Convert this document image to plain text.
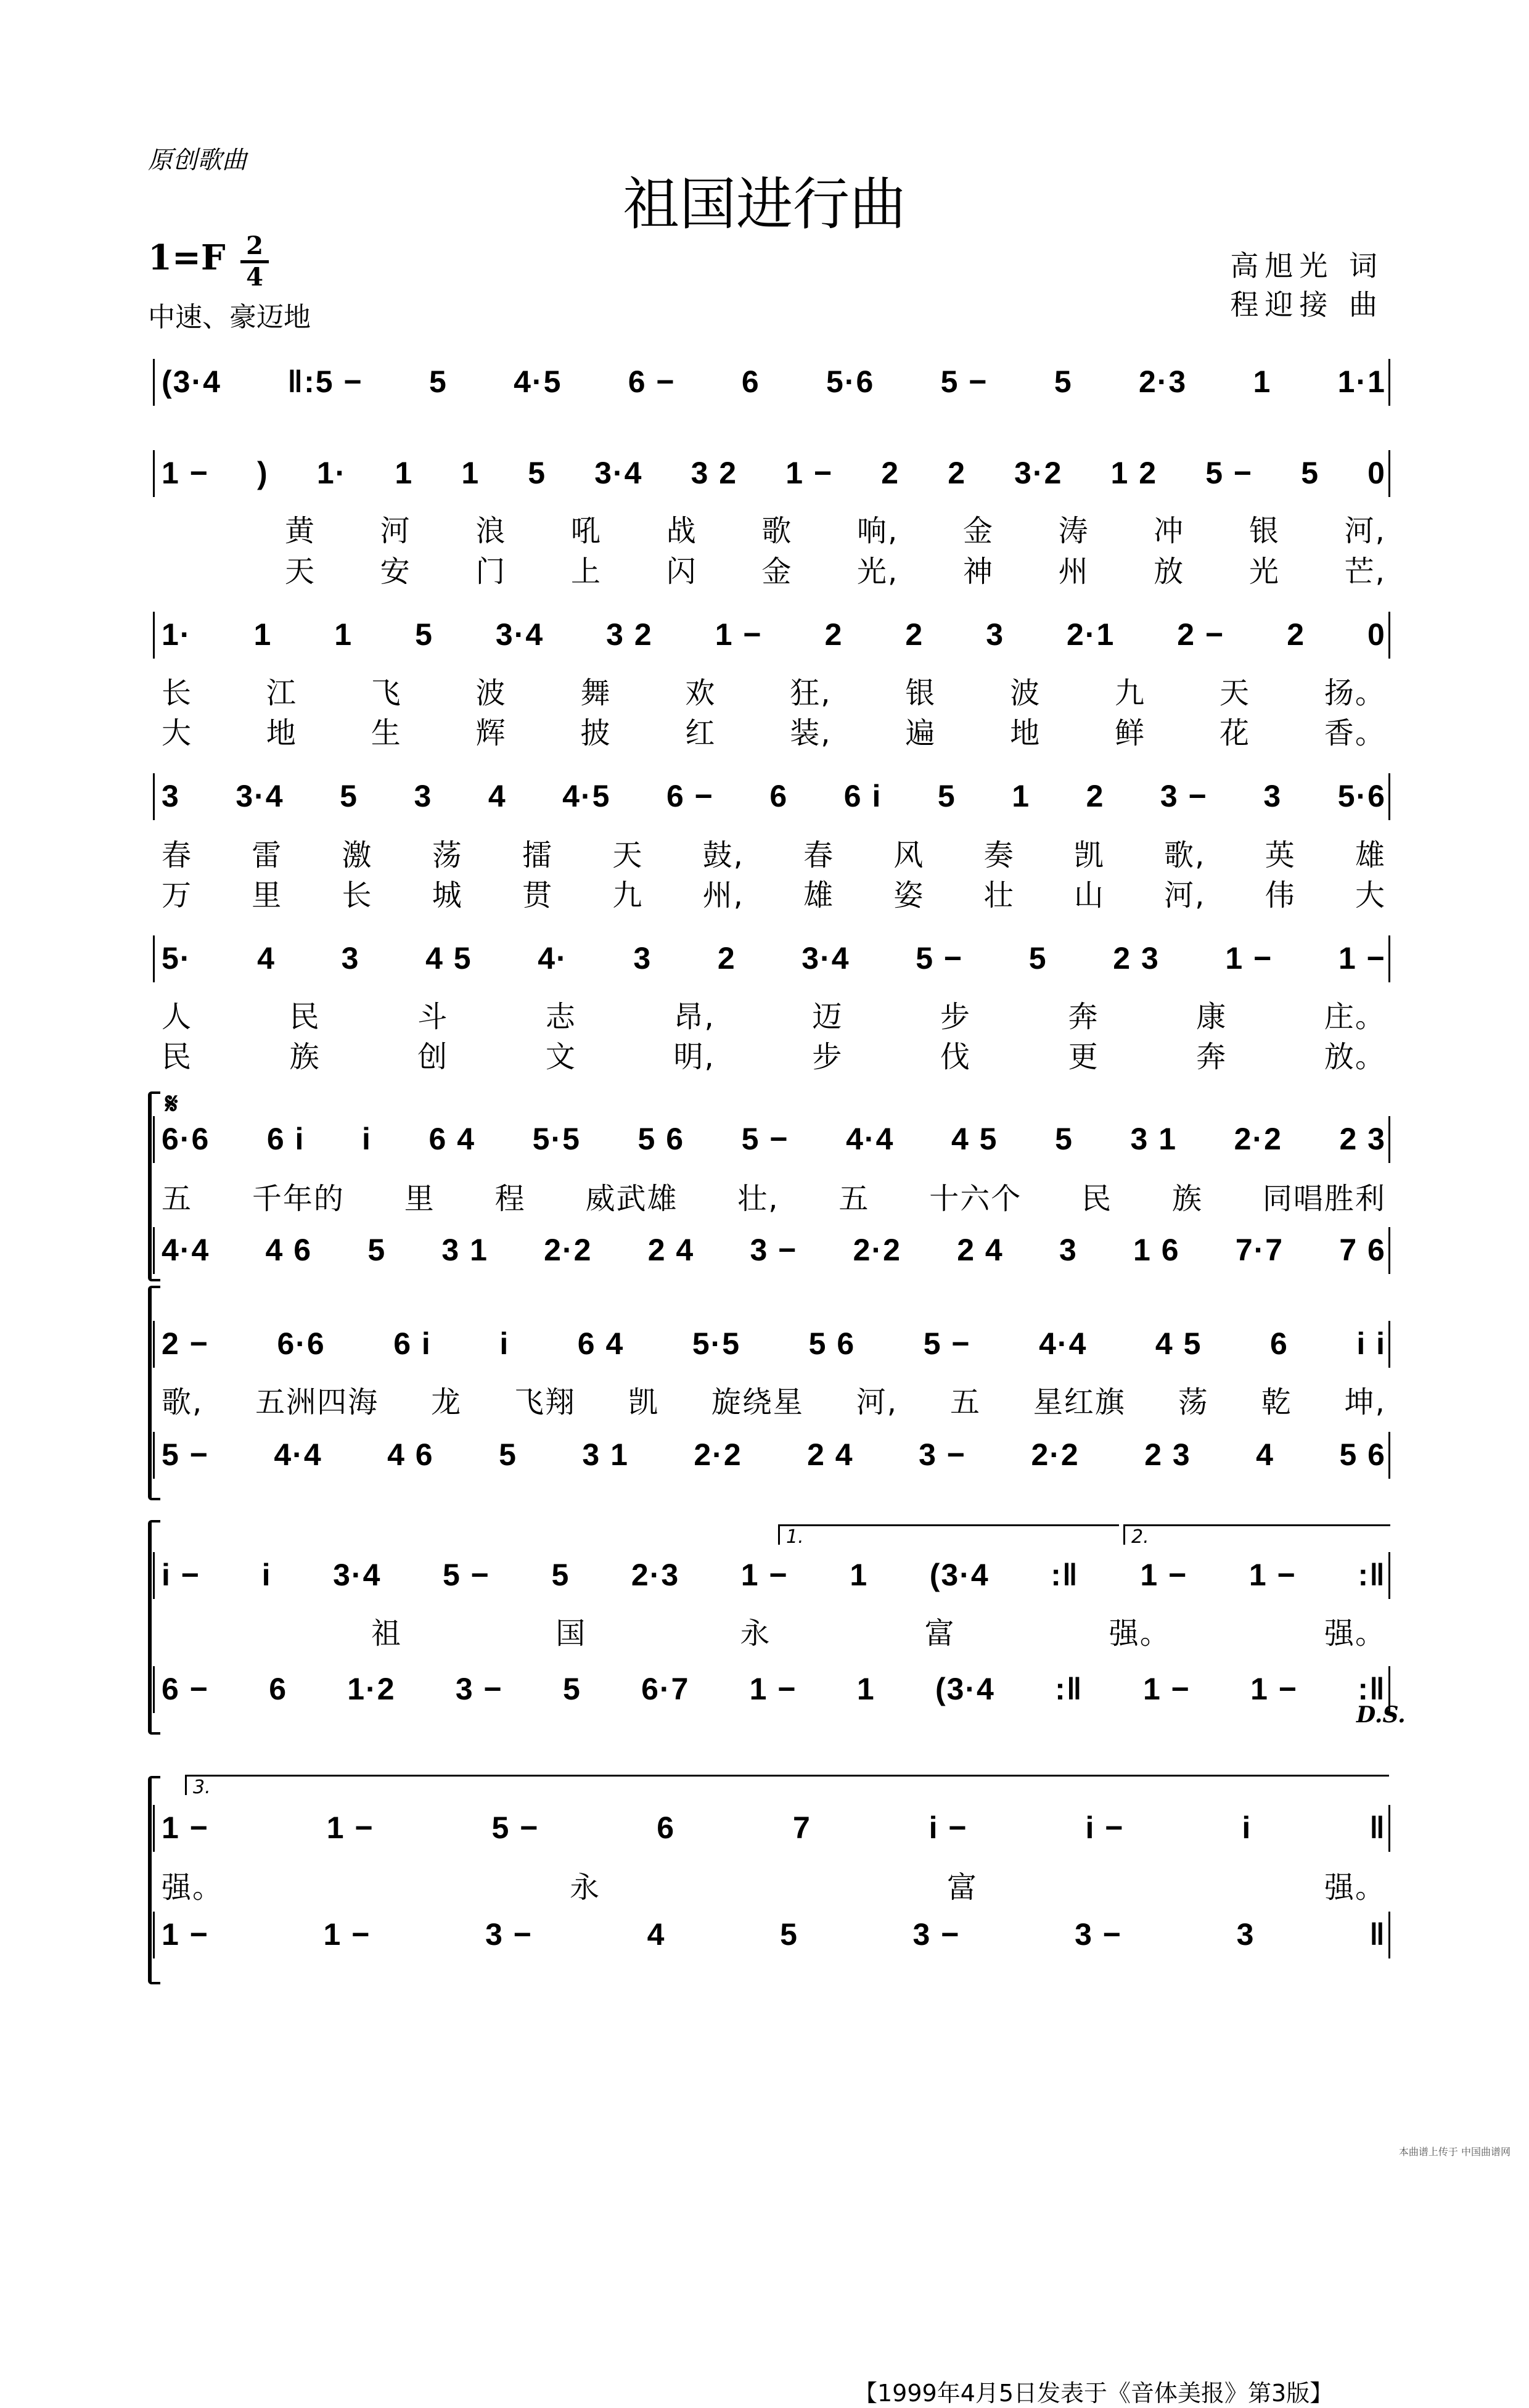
原创歌曲
祖国进行曲
1=F 2
4
中速、豪迈地
高旭光 词
程迎接 曲
(3·4 ‖:5 − 5 4·5 6 − 6 5·6 5 − 5 2·3 1 1·1
1 − ) 1· 1 1 5 3·4 3 2 1 − 2 2 3·2 1 2 5 − 5 0
黄 河 浪 吼 战 歌 响, 金 涛 冲 银 河,
天 安 门 上 闪 金 光, 神 州 放 光 芒,
1· 1 1 5 3·4 3 2 1 − 2 2 3 2·1 2 − 2 0
长 江 飞 波 舞 欢 狂, 银 波 九 天 扬。
大 地 生 辉 披 红 装, 遍 地 鲜 花 香。
3 3·4 5 3 4 4·5 6 − 6 6 i 5 1 2 3 − 3 5·6
春 雷 激 荡 擂 天 鼓, 春 风 奏 凯 歌, 英 雄
万 里 长 城 贯 九 州, 雄 姿 壮 山 河, 伟 大
5· 4 3 4 5 4· 3 2 3·4 5 − 5 2 3 1 − 1 −
人	民	斗	志	昂,	迈	步	奔	康	庄。
民	族	创	文	明,	步	伐	更	奔	放。
6·6 6 i i 6 4 5·5 5 6 5 − 4·4 4 5 5 3 1 2·2 2 3
五 千年的 里 程 威武雄 壮, 五 十六个 民 族 同唱胜利
4·4 4 6 5 3 1 2·2 2 4 3 − 2·2 2 4 3 1 6 7·7 7 6
2 − 6·6 6 i i 6 4 5·5 5 6 5 − 4·4 4 5 6 i i
歌, 五洲四海 龙 飞翔 凯 旋绕星 河, 五 星红旗 荡 乾 坤,
5 − 4·4 4 6 5 3 1 2·2 2 4 3 − 2·2 2 3 4 5 6
i − i 3·4 5 − 5 2·3 1 − 1 (3·4 :‖ 1 − 1 − :‖
祖	国	永	富	强。	强。
6 − 6 1·2 3 − 5 6·7 1 − 1 (3·4 :‖ 1 − 1 − :‖
1 −	1 −	5 −	6	7	i −	i −	i	‖
强。	永	富	强。
1 −	1 −	3 −	4	5	3 −	3 −	3	‖
𝄋
D.S.
1.	2.
3.
【1999年4月5日发表于《音体美报》第3版】
本曲谱上传于 中国曲谱网
